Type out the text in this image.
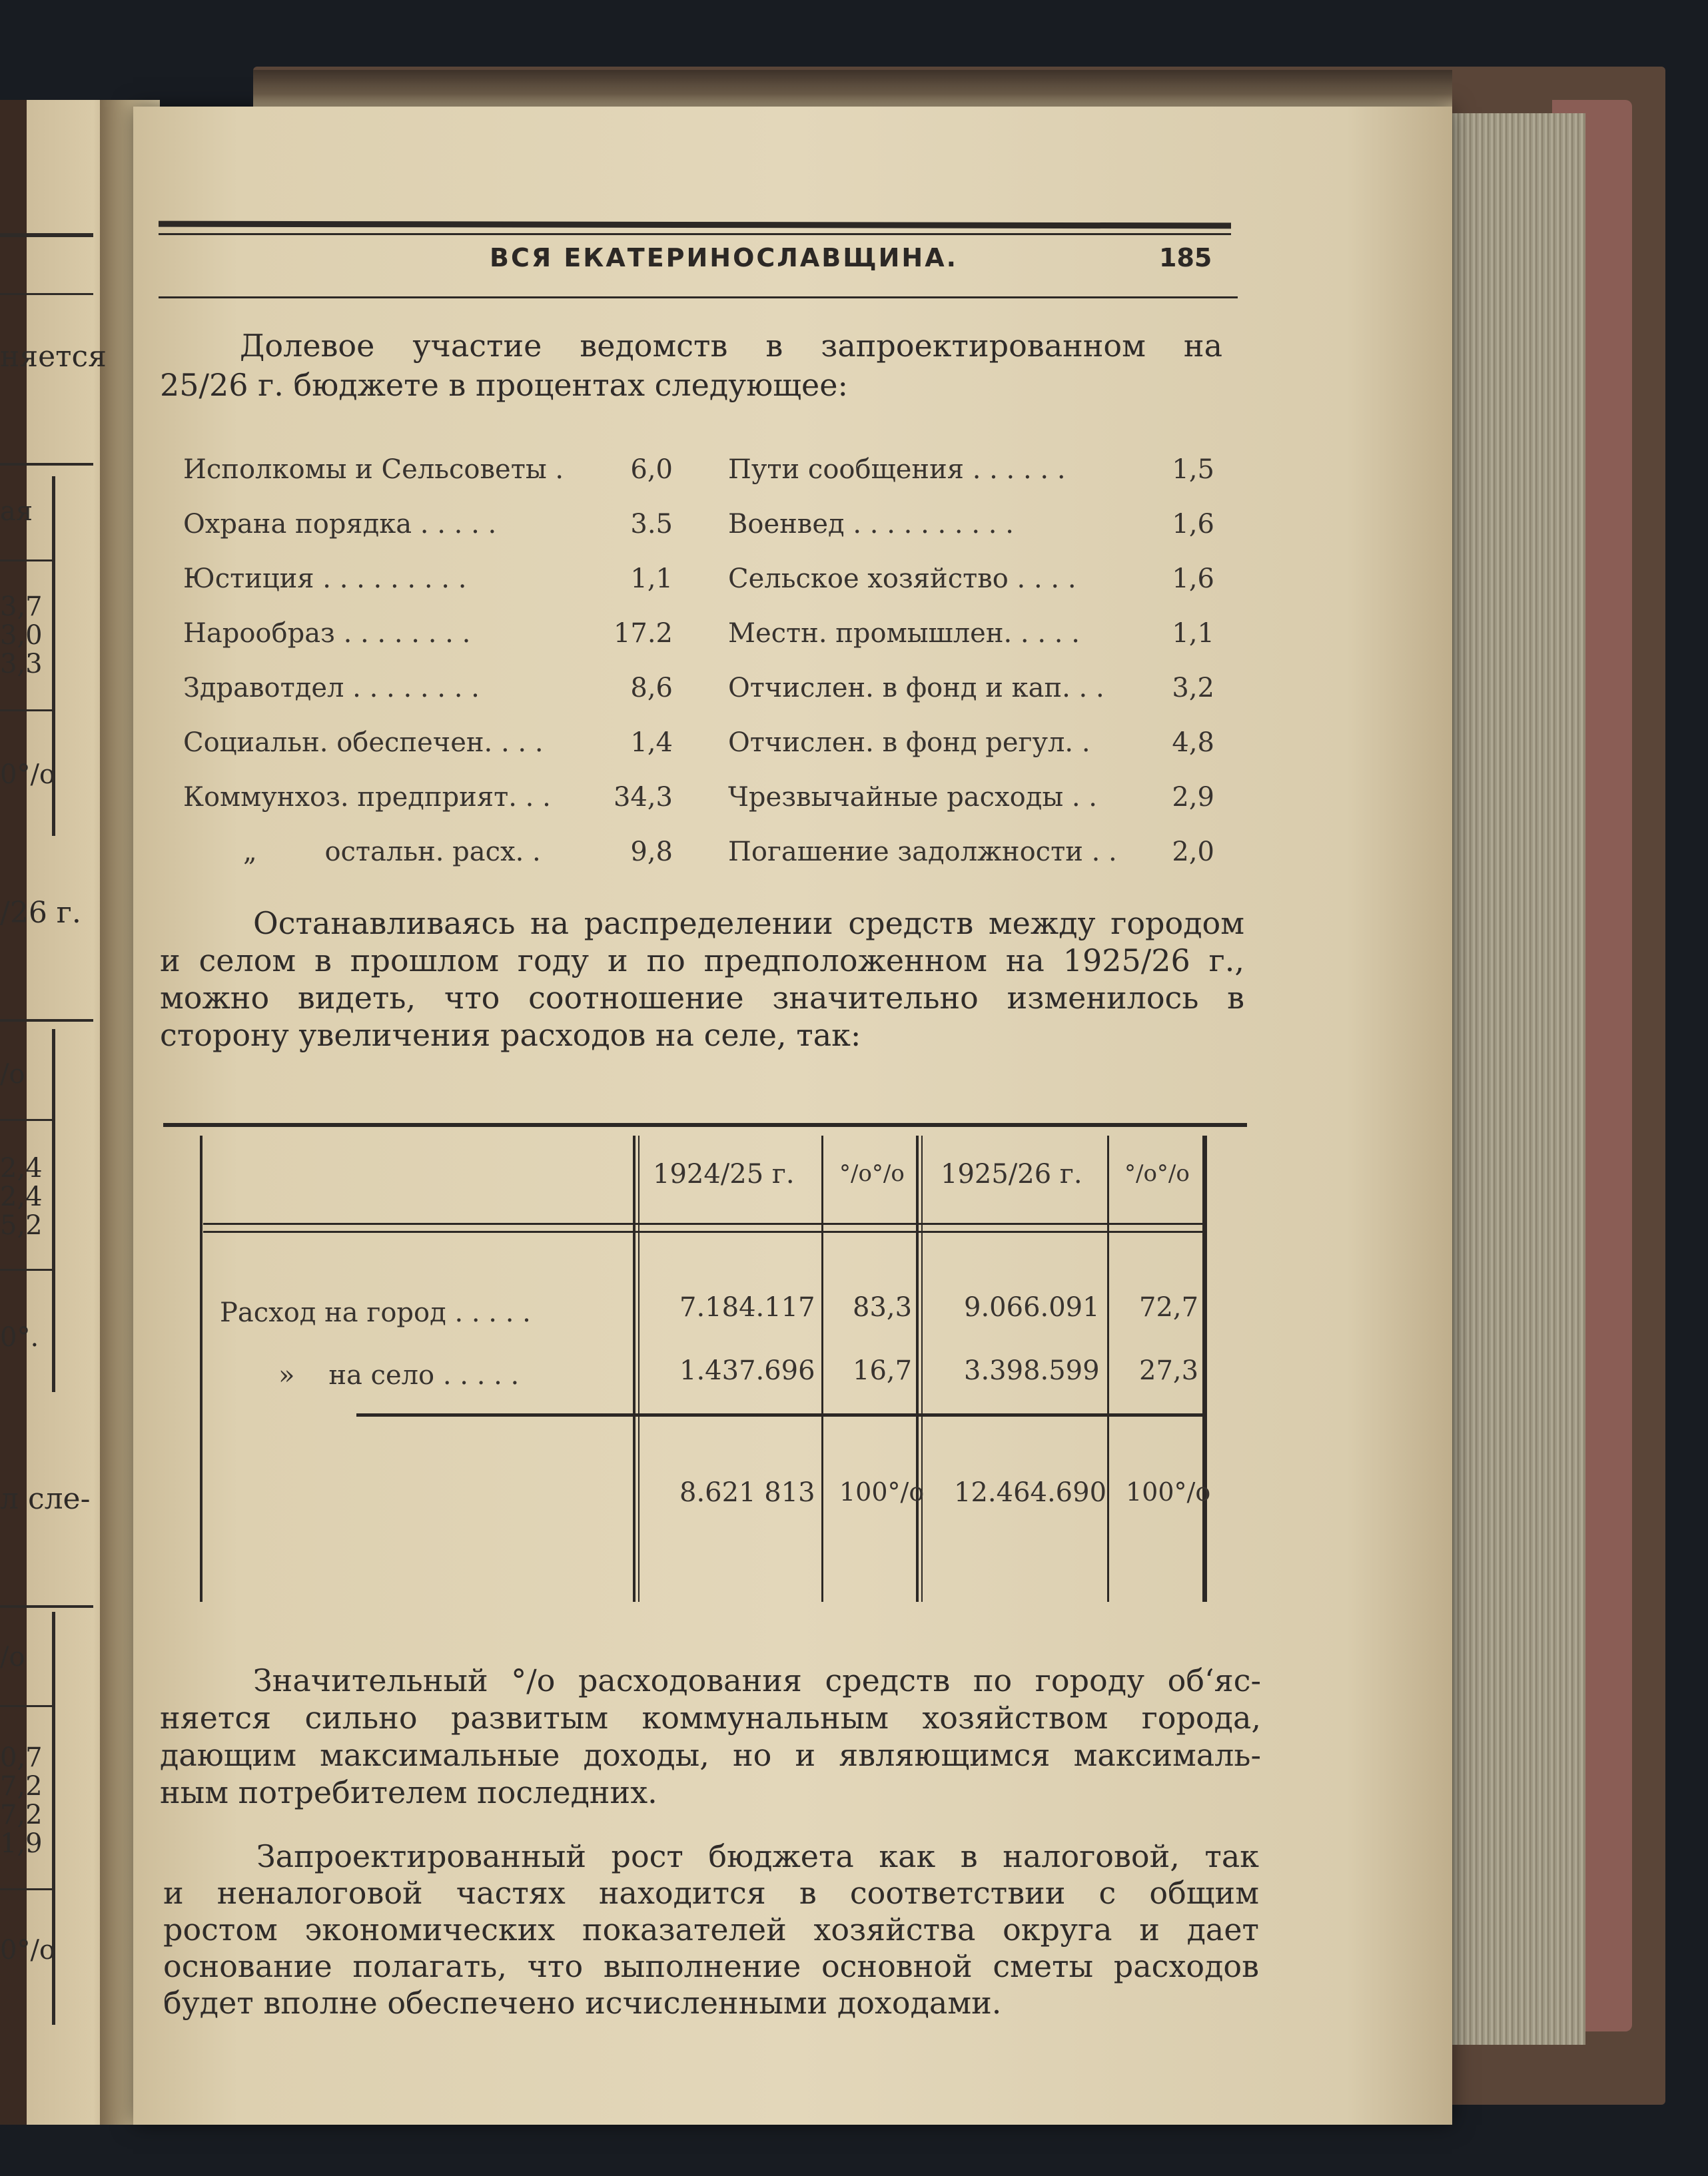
няется
ая
3,7
3,0
3,3
0°/о
/26 г.
/о
2,4
2,4
5,2
0°.
л сле-
/о
0,7
7,2
7,2
1,9
0°/о
ВСЯ ЕКАТЕРИНОСЛАВЩИНА.	185
Долевое участие ведомств в запроектированном на
25/26 г. бюджете в процентах следующее:
Исполкомы и Сельсоветы .	6,0
Охрана порядка . . . . .	3.5
Юстиция . . . . . . . . .	1,1
Нарообраз . . . . . . . .	17.2
Здравотдел . . . . . . . .	8,6
Социальн. обеспечен. . . .	1,4
Коммунхоз. предприят. . . 34,3
„        остальн. расх. .	9,8
Пути сообщения . . . . . .	1,5
Военвед . . . . . . . . . .	1,6
Сельское хозяйство . . . .	1,6
Местн. промышлен. . . . .	1,1
Отчислен. в фонд и кап. . .	3,2
Отчислен. в фонд регул. .	4,8
Чрезвычайные расходы . .	2,9
Погашение задолжности . . 2,0
Останавливаясь на распределении средств между городом
и селом в прошлом году и по предположенном на 1925/26 г.,
можно видеть, что соотношение значительно изменилось в
сторону увеличения расходов на селе, так:
1924/25 г. °/о°/о 1925/26 г. °/о°/о
Расход на город . . . . .	7.184.117 83,3 9.066.091 72,7
»    на село . . . . .	1.437.696 16,7 3.398.599 27,3
8.621 813 100°/о 12.464.690 100°/о
Значительный °/о расходования средств по городу об‘яс-
няется сильно развитым коммунальным хозяйством города,
дающим максимальные доходы, но и являющимся максималь-
ным потребителем последних.
Запроектированный рост бюджета как в налоговой, так
и неналоговой частях находится в соответствии с общим
ростом экономических показателей хозяйства округа и дает
основание полагать, что выполнение основной сметы расходов
будет вполне обеспечено исчисленными доходами.
